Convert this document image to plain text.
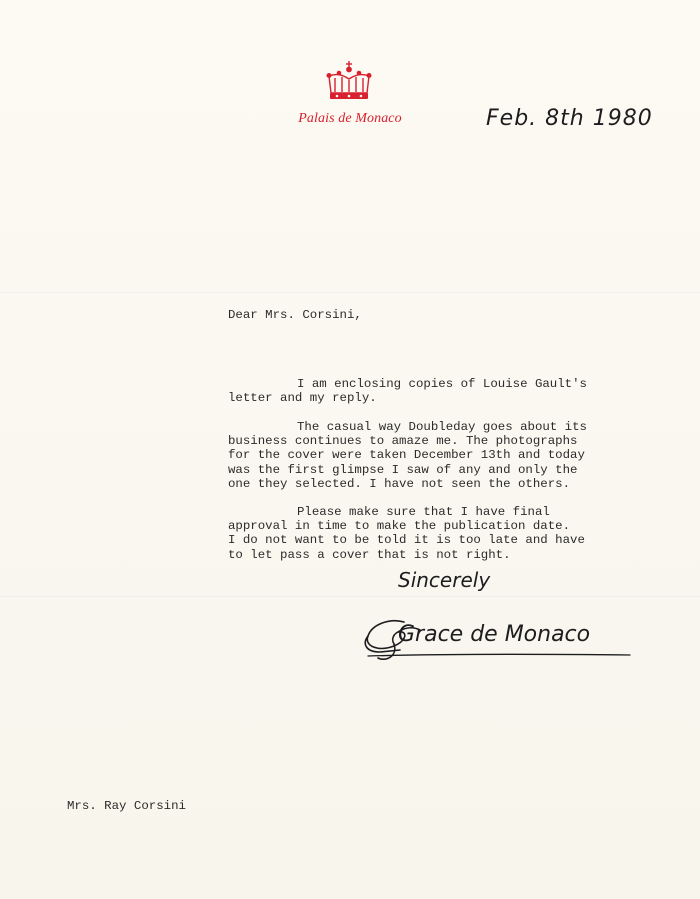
Palais de Monaco	Feb. 8th 1980

Dear Mrs. Corsini,

I am enclosing copies of Louise Gault's
letter and my reply.

The casual way Doubleday goes about its
business continues to amaze me. The photographs
for the cover were taken December 13th and today
was the first glimpse I saw of any and only the
one they selected. I have not seen the others.

Please make sure that I have final
approval in time to make the publication date.
I do not want to be told it is too late and have
to let pass a cover that is not right.

Sincerely
Grace de Monaco

Mrs. Ray Corsini
